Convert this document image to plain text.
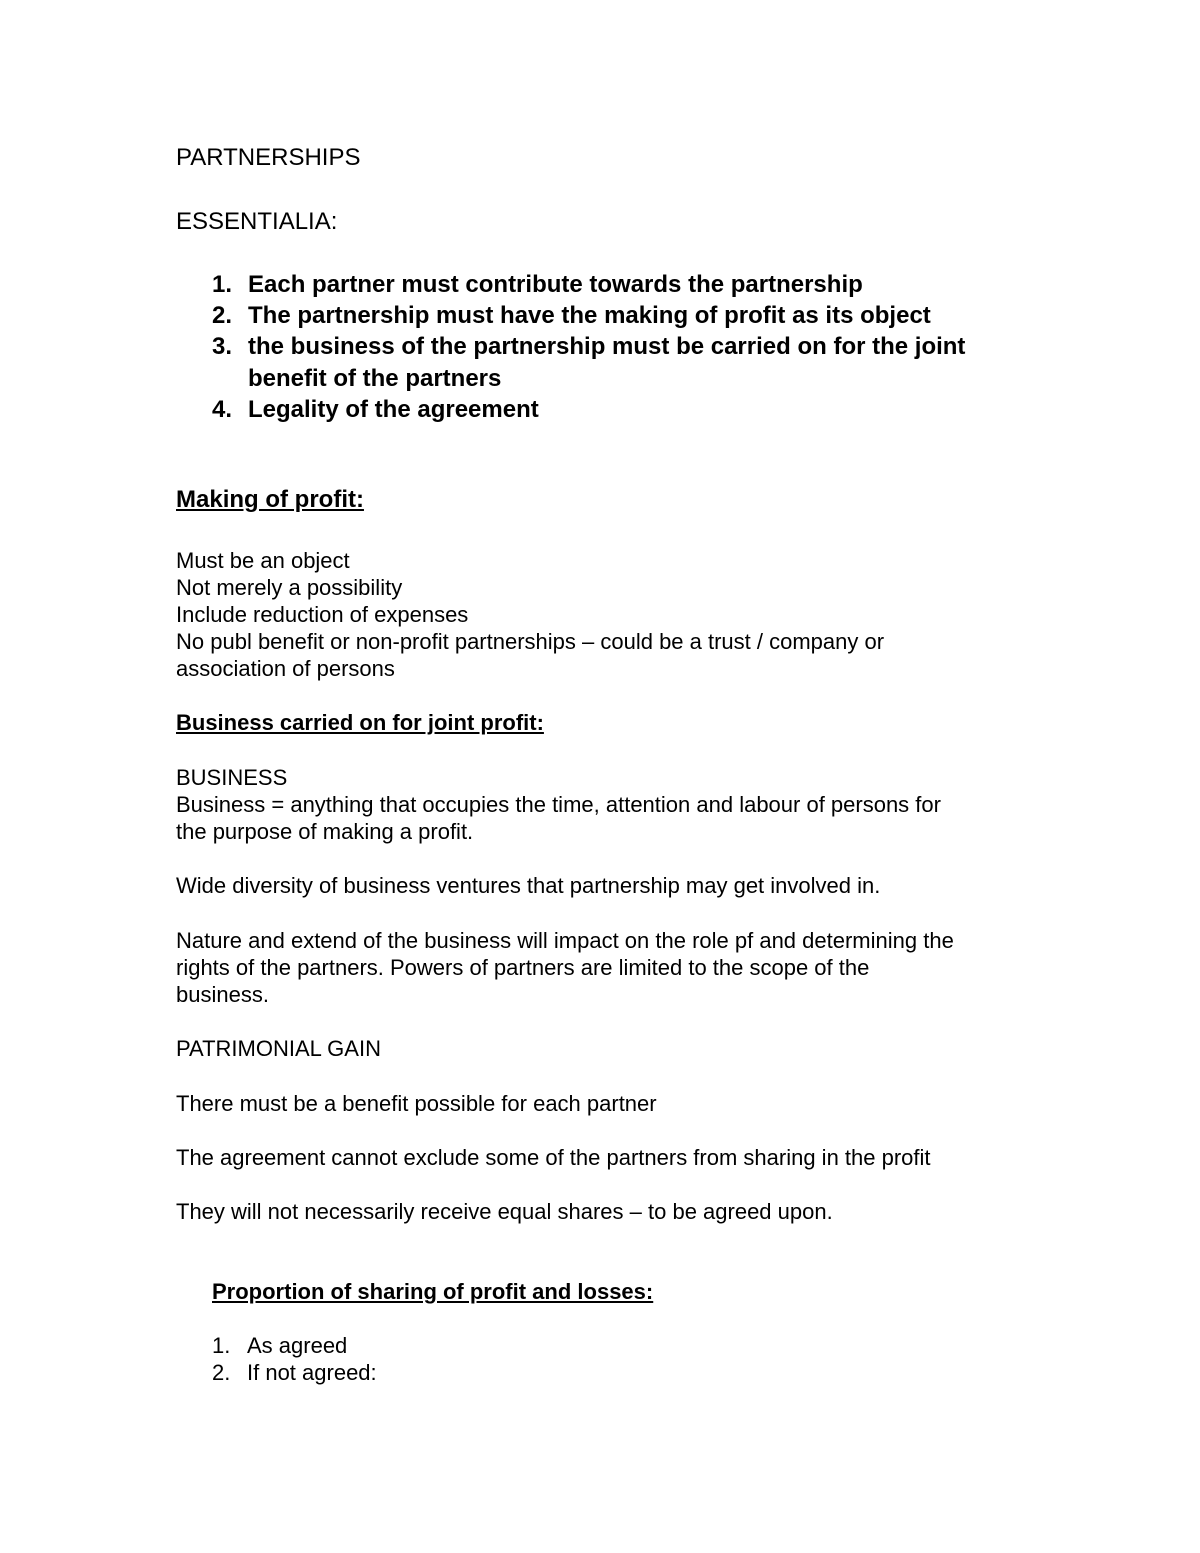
PARTNERSHIPS
ESSENTIALIA:
1. Each partner must contribute towards the partnership
2. The partnership must have the making of profit as its object
3. the business of the partnership must be carried on for the joint
benefit of the partners
4. Legality of the agreement
Making of profit:
Must be an object
Not merely a possibility
Include reduction of expenses
No publ benefit or non-profit partnerships – could be a trust / company or
association of persons
Business carried on for joint profit:
BUSINESS
Business = anything that occupies the time, attention and labour of persons for
the purpose of making a profit.
Wide diversity of business ventures that partnership may get involved in.
Nature and extend of the business will impact on the role pf and determining the
rights of the partners. Powers of partners are limited to the scope of the
business.
PATRIMONIAL GAIN
There must be a benefit possible for each partner
The agreement cannot exclude some of the partners from sharing in the profit
They will not necessarily receive equal shares – to be agreed upon.
Proportion of sharing of profit and losses:
1. As agreed
2. If not agreed:
